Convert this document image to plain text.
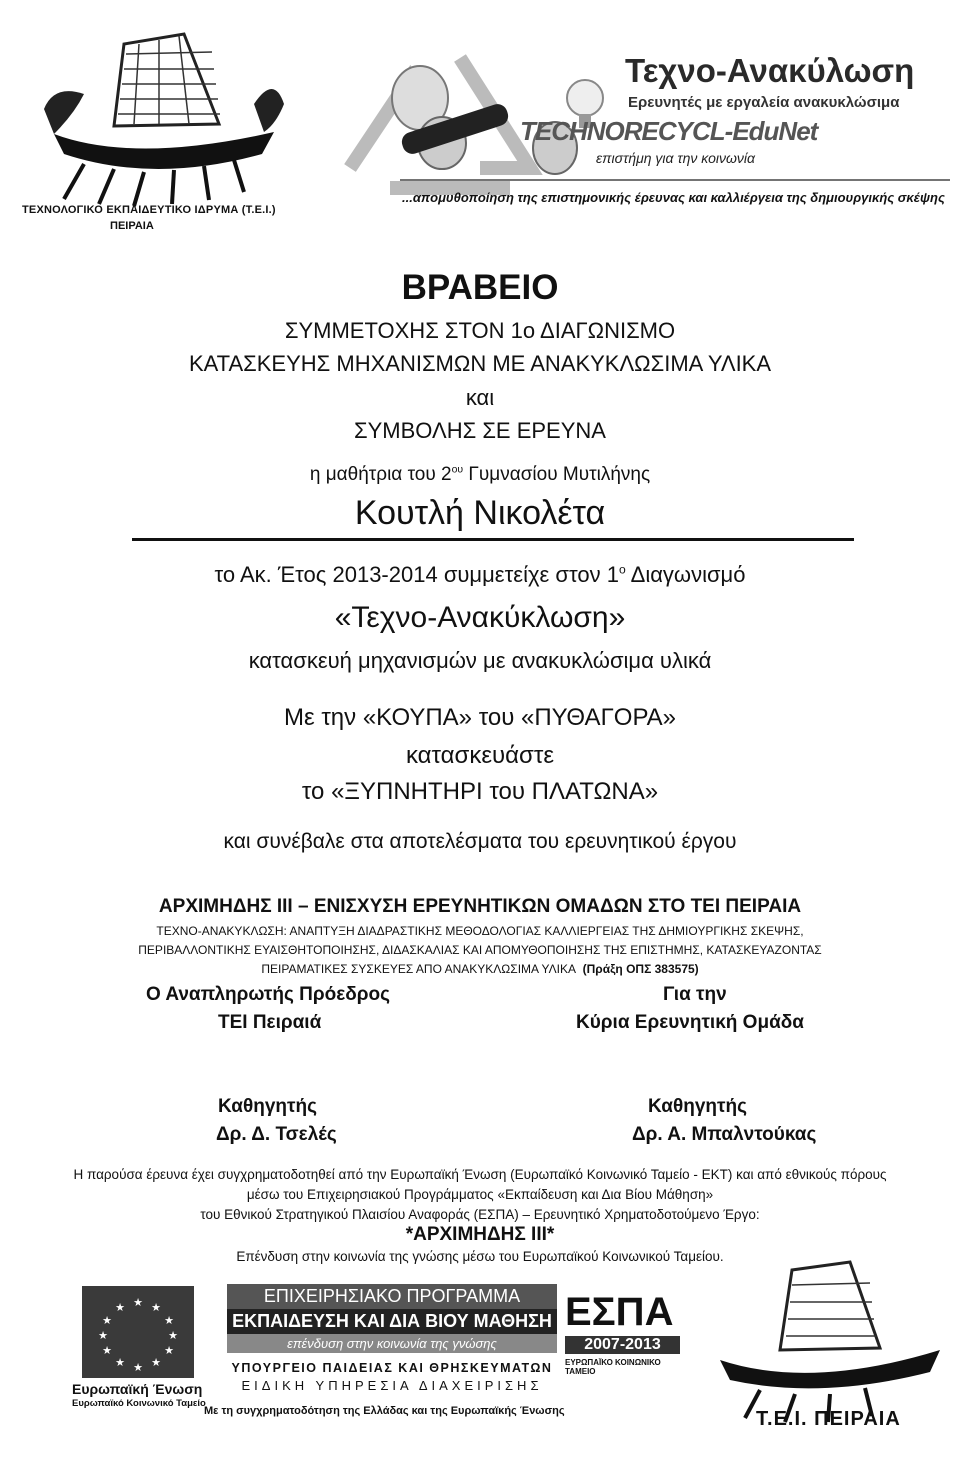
ΤΕΧΝΟΛΟΓΙΚΟ ΕΚΠΑΙΔΕΥΤΙΚΟ ΙΔΡΥΜΑ (Τ.Ε.Ι.)
ΠΕΙΡΑΙΑ
Τεχνο-Ανακύλωση
Ερευνητές με εργαλεία ανακυκλώσιμα
TECHNORECYCL-EduNet
επιστήμη για την κοινωνία
...απομυθοποίηση της επιστημονικής έρευνας και καλλιέργεια της δημιουργικής σκέψης
ΒΡΑΒΕΙΟ
ΣΥΜΜΕΤΟΧΗΣ ΣΤΟΝ 1ο ΔΙΑΓΩΝΙΣΜΟ
ΚΑΤΑΣΚΕΥΗΣ ΜΗΧΑΝΙΣΜΩΝ ΜΕ ΑΝΑΚΥΚΛΩΣΙΜΑ ΥΛΙΚΑ
και
ΣΥΜΒΟΛΗΣ ΣΕ ΕΡΕΥΝΑ
η μαθήτρια του $2^{o\upsilon}$ Γυμνασίου Μυτιλήνης
Κουτλή Νικολέτα
το Ακ. Έτος 2013-2014 συμμετείχε στον $1^o$ Διαγωνισμό
«Τεχνο-Ανακύκλωση»
κατασκευή μηχανισμών με ανακυκλώσιμα υλικά
Με την «ΚΟΥΠΑ» του «ΠΥΘΑΓΟΡΑ»
κατασκευάστε
το «ΞΥΠΝΗΤΗΡΙ του ΠΛΑΤΩΝΑ»
και συνέβαλε στα αποτελέσματα του ερευνητικού έργου
ΑΡΧΙΜΗΔΗΣ ΙΙΙ – ΕΝΙΣΧΥΣΗ ΕΡΕΥΝΗΤΙΚΩΝ ΟΜΑΔΩΝ ΣΤΟ ΤΕΙ ΠΕΙΡΑΙΑ
ΤΕΧΝΟ-ΑΝΑΚΥΚΛΩΣΗ: ΑΝΑΠΤΥΞΗ ΔΙΑΔΡΑΣΤΙΚΗΣ ΜΕΘΟΔΟΛΟΓΙΑΣ ΚΑΛΛΙΕΡΓΕΙΑΣ ΤΗΣ ΔΗΜΙΟΥΡΓΙΚΗΣ ΣΚΕΨΗΣ,
ΠΕΡΙΒΑΛΛΟΝΤΙΚΗΣ ΕΥΑΙΣΘΗΤΟΠΟΙΗΣΗΣ, ΔΙΔΑΣΚΑΛΙΑΣ ΚΑΙ ΑΠΟΜΥΘΟΠΟΙΗΣΗΣ ΤΗΣ ΕΠΙΣΤΗΜΗΣ, ΚΑΤΑΣΚΕΥΑΖΟΝΤΑΣ
ΠΕΙΡΑΜΑΤΙΚΕΣ ΣΥΣΚΕΥΕΣ ΑΠΟ ΑΝΑΚΥΚΛΩΣΙΜΑ ΥΛΙΚΑ (Πράξη ΟΠΣ 383575)
Ο Αναπληρωτής Πρόεδρος
ΤΕΙ Πειραιά
Για την
Κύρια Ερευνητική Ομάδα
Καθηγητής
Δρ. Δ. Τσελές
Καθηγητής
Δρ. Α. Μπαλντούκας
Η παρούσα έρευνα έχει συγχρηματοδοτηθεί από την Ευρωπαϊκή Ένωση (Ευρωπαϊκό Κοινωνικό Ταμείο - ΕΚΤ) και από εθνικούς πόρους
μέσω του Επιχειρησιακού Προγράμματος «Εκπαίδευση και Δια Βίου Μάθηση»
του Εθνικού Στρατηγικού Πλαισίου Αναφοράς (ΕΣΠΑ) – Ερευνητικό Χρηματοδοτούμενο Έργο:
*ΑΡΧΙΜΗΔΗΣ ΙΙΙ*
Επένδυση στην κοινωνία της γνώσης μέσω του Ευρωπαϊκού Κοινωνικού Ταμείου.
★ ★
★
★
★
★
★
★
★
★
★
★
Ευρωπαϊκή Ένωση
Ευρωπαϊκό Κοινωνικό Ταμείο
ΕΠΙΧΕΙΡΗΣΙΑΚΟ ΠΡΟΓΡΑΜΜΑ
ΕΚΠΑΙΔΕΥΣΗ ΚΑΙ ΔΙΑ ΒΙΟΥ ΜΑΘΗΣΗ
επένδυση στην κοινωνία της γνώσης
ΥΠΟΥΡΓΕΙΟ ΠΑΙΔΕΙΑΣ ΚΑΙ ΘΡΗΣΚΕΥΜΑΤΩΝ
ΕΙΔΙΚΗ ΥΠΗΡΕΣΙΑ ΔΙΑΧΕΙΡΙΣΗΣ
Με τη συγχρηματοδότηση της Ελλάδας και της Ευρωπαϊκής Ένωσης
ΕΣΠΑ
2007-2013
ΕΥΡΩΠΑΪΚΟ ΚΟΙΝΩΝΙΚΟ ΤΑΜΕΙΟ
Τ.Ε.Ι. ΠΕΙΡΑΙΑ
